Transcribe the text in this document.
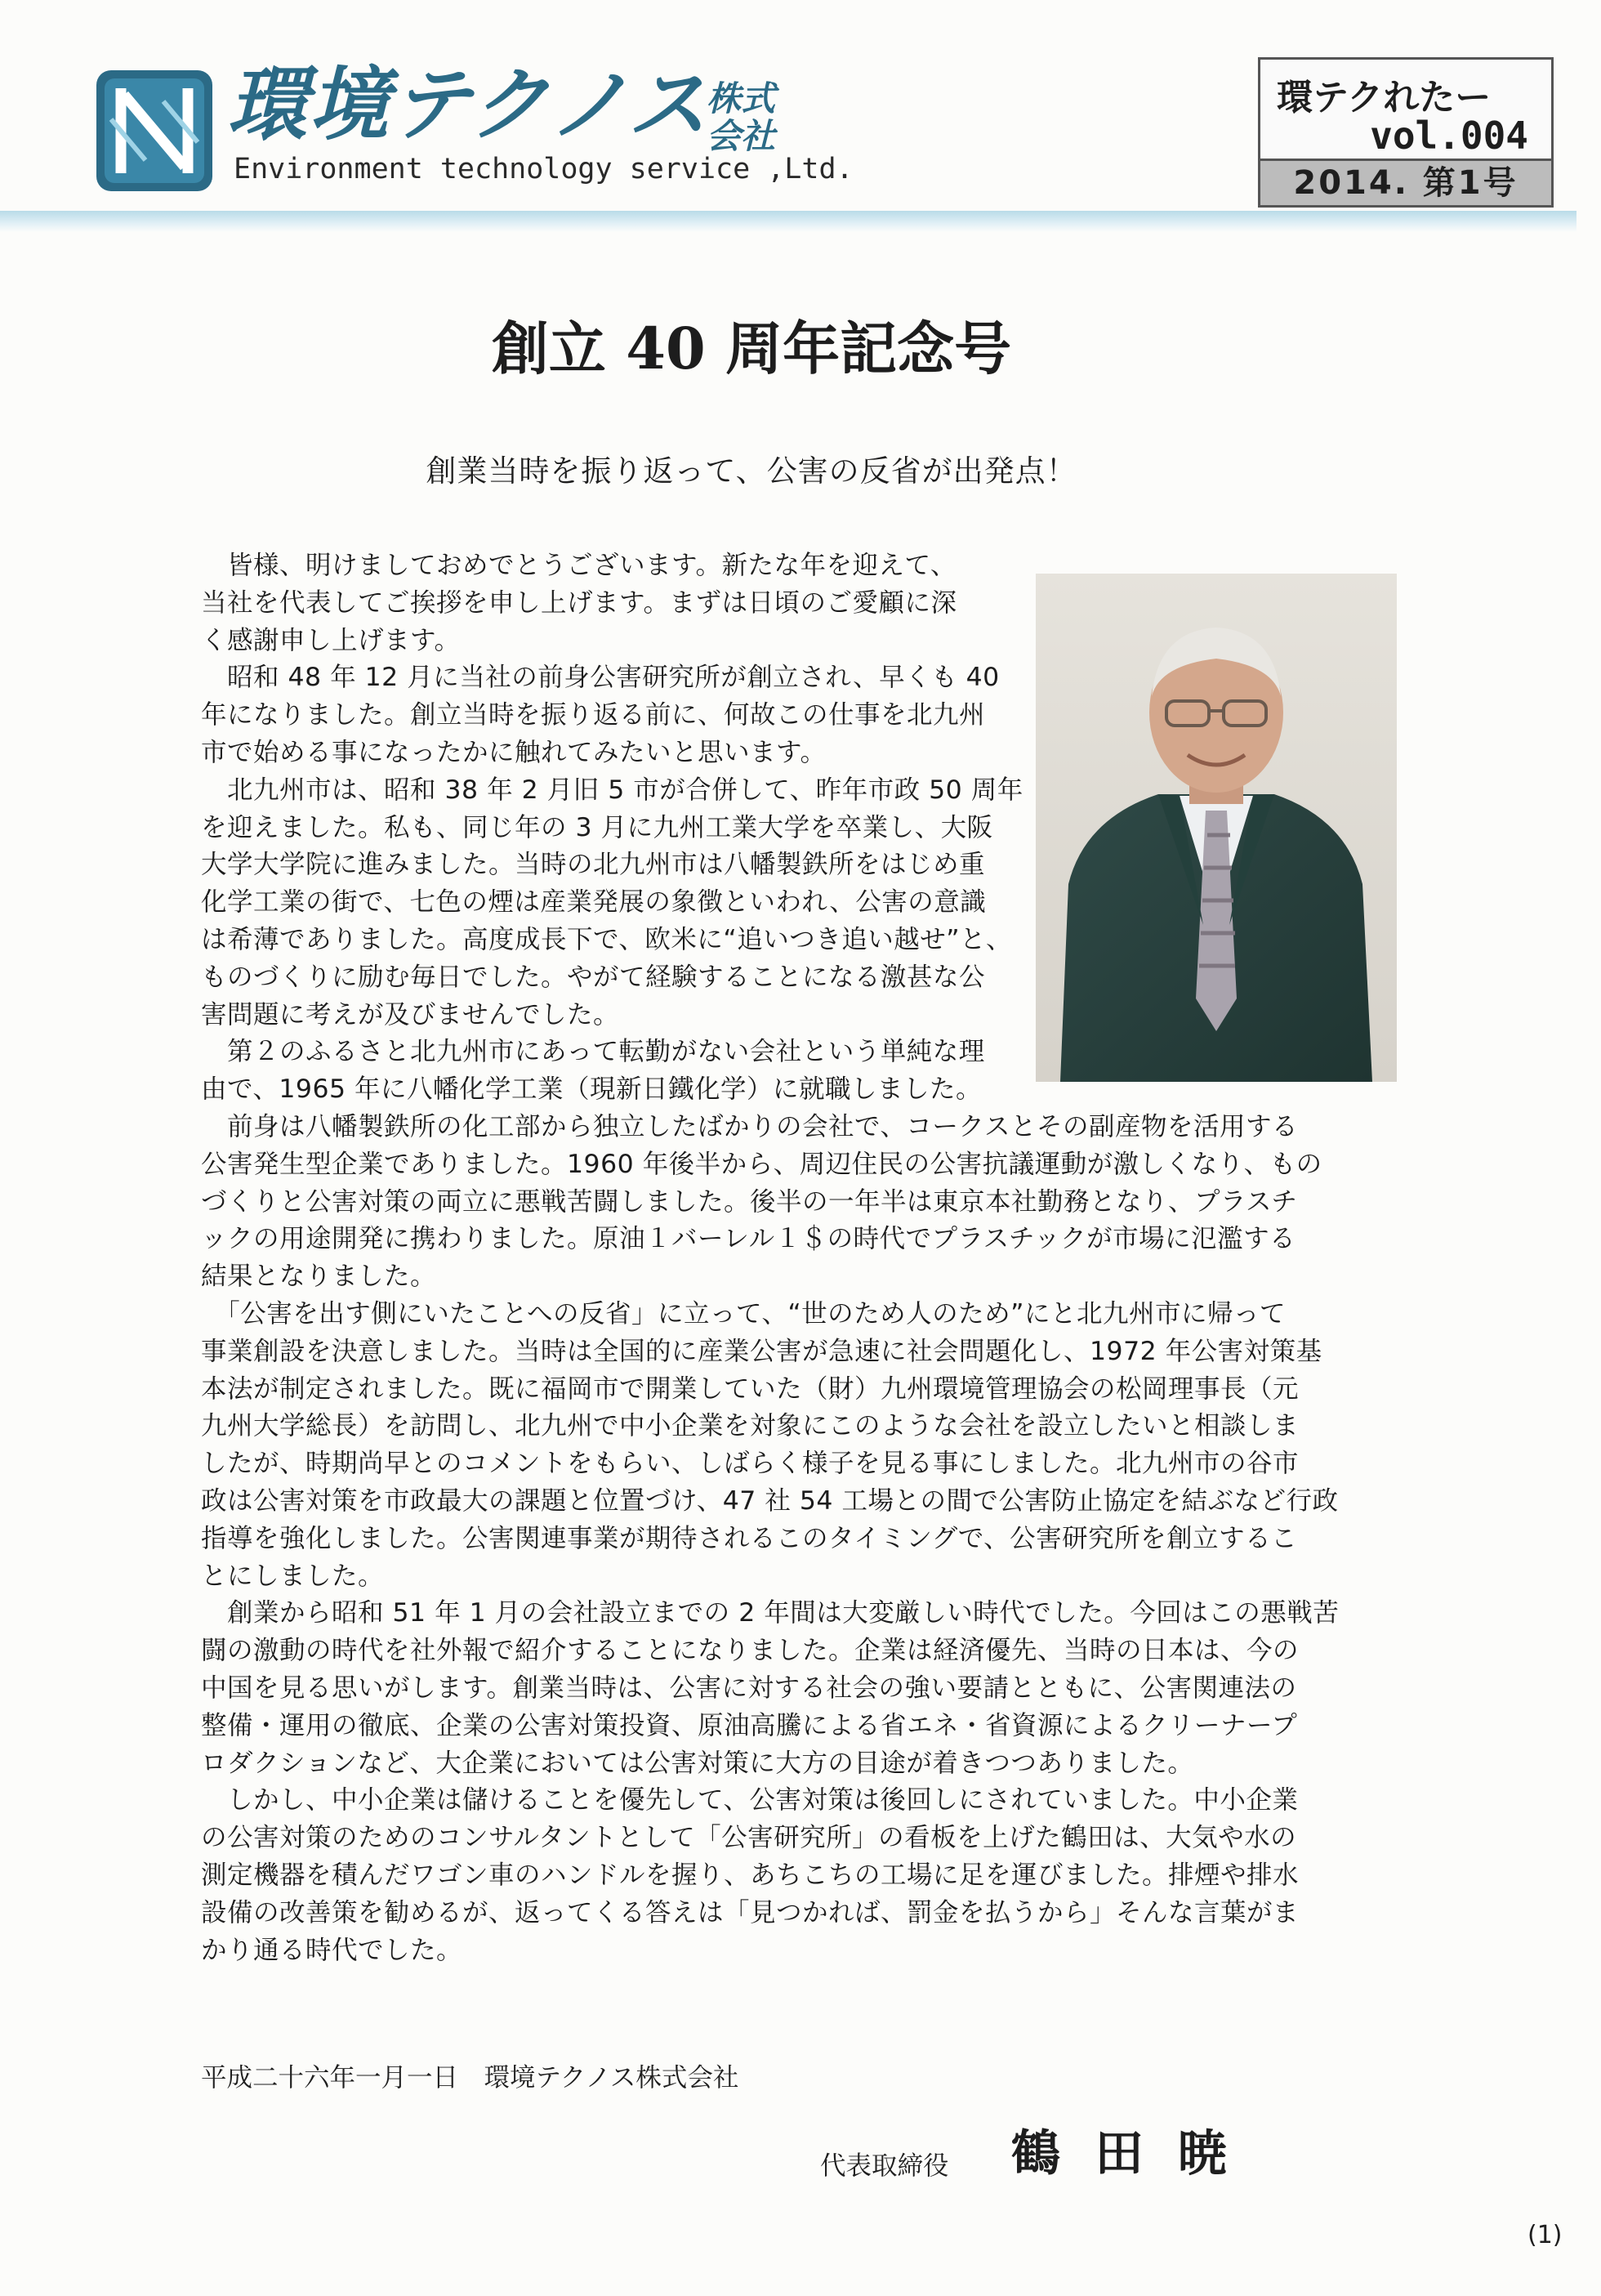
環境テクノス
株式
会社
Environment technology service ,Ltd.
環テクれたー
vol.004
2014. 第1号
創立 40 周年記念号
創業当時を振り返って、公害の反省が出発点！
　皆様、明けましておめでとうございます。新たな年を迎えて、
当社を代表してご挨拶を申し上げます。まずは日頃のご愛顧に深
く感謝申し上げます。
　昭和 48 年 12 月に当社の前身公害研究所が創立され、早くも 40
年になりました。創立当時を振り返る前に、何故この仕事を北九州
市で始める事になったかに触れてみたいと思います。
　北九州市は、昭和 38 年 2 月旧 5 市が合併して、昨年市政 50 周年
を迎えました。私も、同じ年の 3 月に九州工業大学を卒業し、大阪
大学大学院に進みました。当時の北九州市は八幡製鉄所をはじめ重
化学工業の街で、七色の煙は産業発展の象徴といわれ、公害の意識
は希薄でありました。高度成長下で、欧米に“追いつき追い越せ”と、
ものづくりに励む毎日でした。やがて経験することになる激甚な公
害問題に考えが及びませんでした。
　第２のふるさと北九州市にあって転勤がない会社という単純な理
由で、1965 年に八幡化学工業（現新日鐵化学）に就職しました。
　前身は八幡製鉄所の化工部から独立したばかりの会社で、コークスとその副産物を活用する
公害発生型企業でありました。1960 年後半から、周辺住民の公害抗議運動が激しくなり、もの
づくりと公害対策の両立に悪戦苦闘しました。後半の一年半は東京本社勤務となり、プラスチ
ックの用途開発に携わりました。原油１バーレル１＄の時代でプラスチックが市場に氾濫する
結果となりました。
　「公害を出す側にいたことへの反省」に立って、“世のため人のため”にと北九州市に帰って
事業創設を決意しました。当時は全国的に産業公害が急速に社会問題化し、1972 年公害対策基
本法が制定されました。既に福岡市で開業していた（財）九州環境管理協会の松岡理事長（元
九州大学総長）を訪問し、北九州で中小企業を対象にこのような会社を設立したいと相談しま
したが、時期尚早とのコメントをもらい、しばらく様子を見る事にしました。北九州市の谷市
政は公害対策を市政最大の課題と位置づけ、47 社 54 工場との間で公害防止協定を結ぶなど行政
指導を強化しました。公害関連事業が期待されるこのタイミングで、公害研究所を創立するこ
とにしました。
　創業から昭和 51 年 1 月の会社設立までの 2 年間は大変厳しい時代でした。今回はこの悪戦苦
闘の激動の時代を社外報で紹介することになりました。企業は経済優先、当時の日本は、今の
中国を見る思いがします。創業当時は、公害に対する社会の強い要請とともに、公害関連法の
整備・運用の徹底、企業の公害対策投資、原油高騰による省エネ・省資源によるクリーナープ
ロダクションなど、大企業においては公害対策に大方の目途が着きつつありました。
　しかし、中小企業は儲けることを優先して、公害対策は後回しにされていました。中小企業
の公害対策のためのコンサルタントとして「公害研究所」の看板を上げた鶴田は、大気や水の
測定機器を積んだワゴン車のハンドルを握り、あちこちの工場に足を運びました。排煙や排水
設備の改善策を勧めるが、返ってくる答えは「見つかれば、罰金を払うから」そんな言葉がま
かり通る時代でした。
平成二十六年一月一日　環境テクノス株式会社
代表取締役 鶴田暁
(1)
